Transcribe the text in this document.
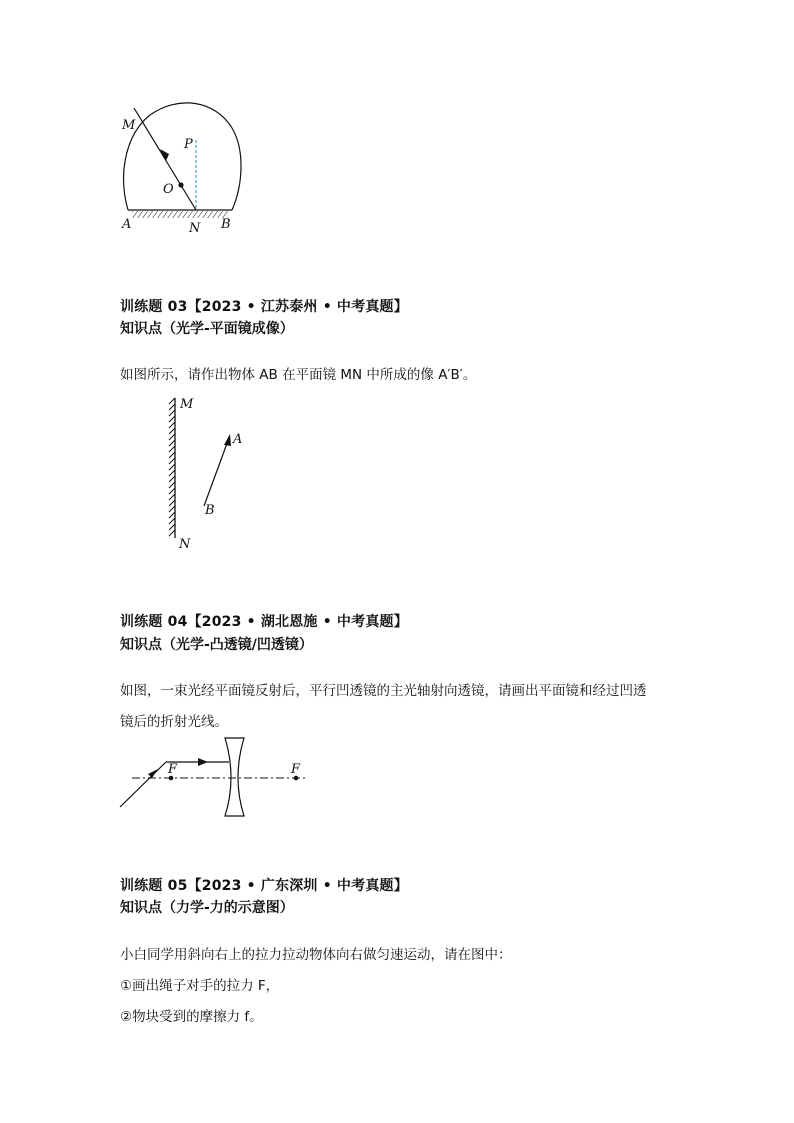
M
P
O
A	N B
训练题 03【2023 • 江苏泰州 • 中考真题】
知识点（光学-平面镜成像）
如图所示，请作出物体 AB 在平面镜 MN 中所成的像 A′B′。
M
A
B
N
训练题 04【2023 • 湖北恩施 • 中考真题】
知识点（光学-凸透镜/凹透镜）
如图，一束光经平面镜反射后，平行凹透镜的主光轴射向透镜，请画出平面镜和经过凹透
镜后的折射光线。
F	F
训练题 05【2023 • 广东深圳 • 中考真题】
知识点（力学-力的示意图）
小白同学用斜向右上的拉力拉动物体向右做匀速运动，请在图中：
①画出绳子对手的拉力 F，
②物块受到的摩擦力 f。
